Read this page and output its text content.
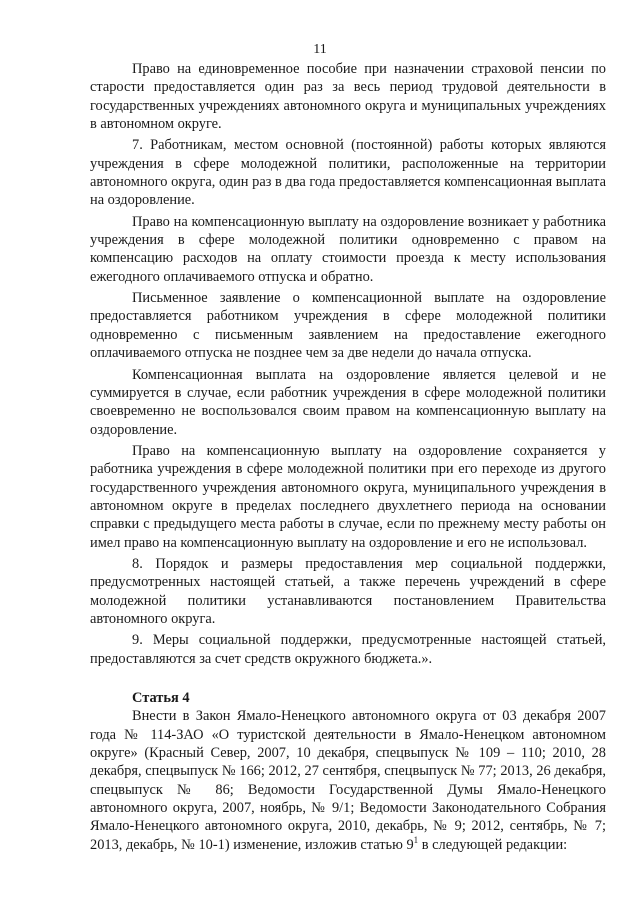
11

Право на единовременное пособие при назначении страховой пенсии по старости предоставляется один раз за весь период трудовой деятельности в государственных учреждениях автономного округа и муниципальных учреждениях в автономном округе.

7. Работникам, местом основной (постоянной) работы которых являются учреждения в сфере молодежной политики, расположенные на территории автономного округа, один раз в два года предоставляется компенсационная выплата на оздоровление.

Право на компенсационную выплату на оздоровление возникает у работника учреждения в сфере молодежной политики одновременно с правом на компенсацию расходов на оплату стоимости проезда к месту использования ежегодного оплачиваемого отпуска и обратно.

Письменное заявление о компенсационной выплате на оздоровление предоставляется работником учреждения в сфере молодежной политики одновременно с письменным заявлением на предоставление ежегодного оплачиваемого отпуска не позднее чем за две недели до начала отпуска.

Компенсационная выплата на оздоровление является целевой и не суммируется в случае, если работник учреждения в сфере молодежной политики своевременно не воспользовался своим правом на компенсационную выплату на оздоровление.

Право на компенсационную выплату на оздоровление сохраняется у работника учреждения в сфере молодежной политики при его переходе из другого государственного учреждения автономного округа, муниципального учреждения в автономном округе в пределах последнего двухлетнего периода на основании справки с предыдущего места работы в случае, если по прежнему месту работы он имел право на компенсационную выплату на оздоровление и его не использовал.

8. Порядок и размеры предоставления мер социальной поддержки, предусмотренных настоящей статьей, а также перечень учреждений в сфере молодежной политики устанавливаются постановлением Правительства автономного округа.

9. Меры социальной поддержки, предусмотренные настоящей статьей, предоставляются за счет средств окружного бюджета.».

Статья 4

Внести в Закон Ямало-Ненецкого автономного округа от 03 декабря 2007 года № 114-ЗАО «О туристской деятельности в Ямало-Ненецком автономном округе» (Красный Север, 2007, 10 декабря, спецвыпуск № 109 – 110; 2010, 28 декабря, спецвыпуск № 166; 2012, 27 сентября, спецвыпуск № 77; 2013, 26 декабря, спецвыпуск № 86; Ведомости Государственной Думы Ямало-Ненецкого автономного округа, 2007, ноябрь, № 9/1; Ведомости Законодательного Собрания Ямало-Ненецкого автономного округа, 2010, декабрь, № 9; 2012, сентябрь, № 7; 2013, декабрь, № 10-1) изменение, изложив статью $9^1$ в следующей редакции:
